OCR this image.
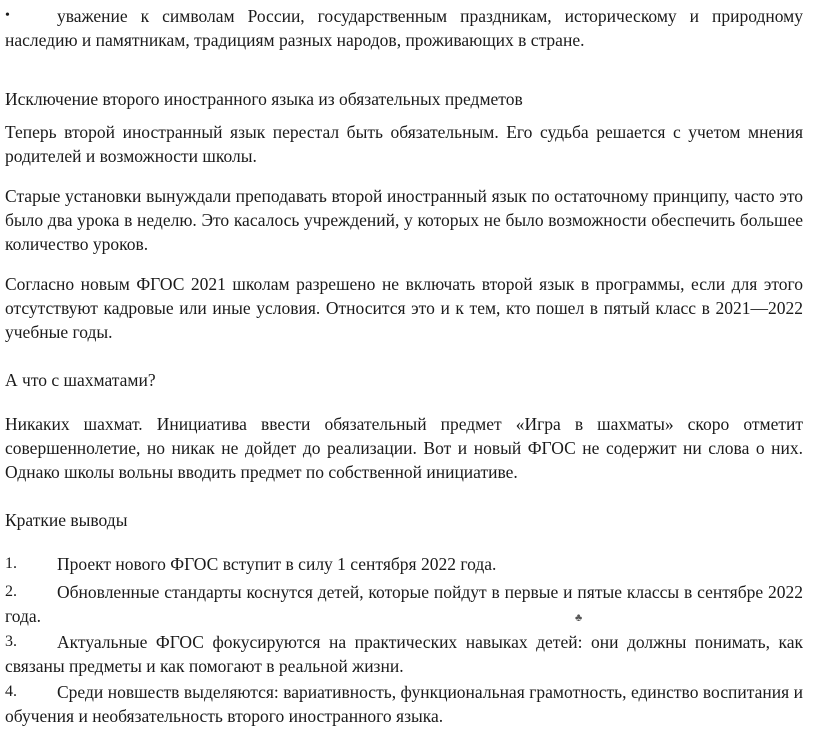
•	уважение к символам России, государственным праздникам, историческому и природному наследию и памятникам, традициям разных народов, проживающих в стране.
Исключение второго иностранного языка из обязательных предметов
Теперь второй иностранный язык перестал быть обязательным. Его судьба решается с учетом мнения родителей и возможности школы.
Старые установки вынуждали преподавать второй иностранный язык по остаточному принципу, часто это было два урока в неделю. Это касалось учреждений, у которых не было возможности обеспечить большее количество уроков.
Согласно новым ФГОС 2021 школам разрешено не включать второй язык в программы, если для этого отсутствуют кадровые или иные условия. Относится это и к тем, кто пошел в пятый класс в 2021—2022 учебные годы.
А что с шахматами?
Никаких шахмат. Инициатива ввести обязательный предмет «Игра в шахматы» скоро отметит совершеннолетие, но никак не дойдет до реализации. Вот и новый ФГОС не содержит ни слова о них. Однако школы вольны вводить предмет по собственной инициативе.
Краткие выводы
1.	Проект нового ФГОС вступит в силу 1 сентября 2022 года.
2.	Обновленные стандарты коснутся детей, которые пойдут в первые и пятые классы в сентябре 2022 года.
3.	Актуальные ФГОС фокусируются на практических навыках детей: они должны понимать, как связаны предметы и как помогают в реальной жизни.
4.	Среди новшеств выделяются: вариативность, функциональная грамотность, единство воспитания и обучения и необязательность второго иностранного языка.
♣
